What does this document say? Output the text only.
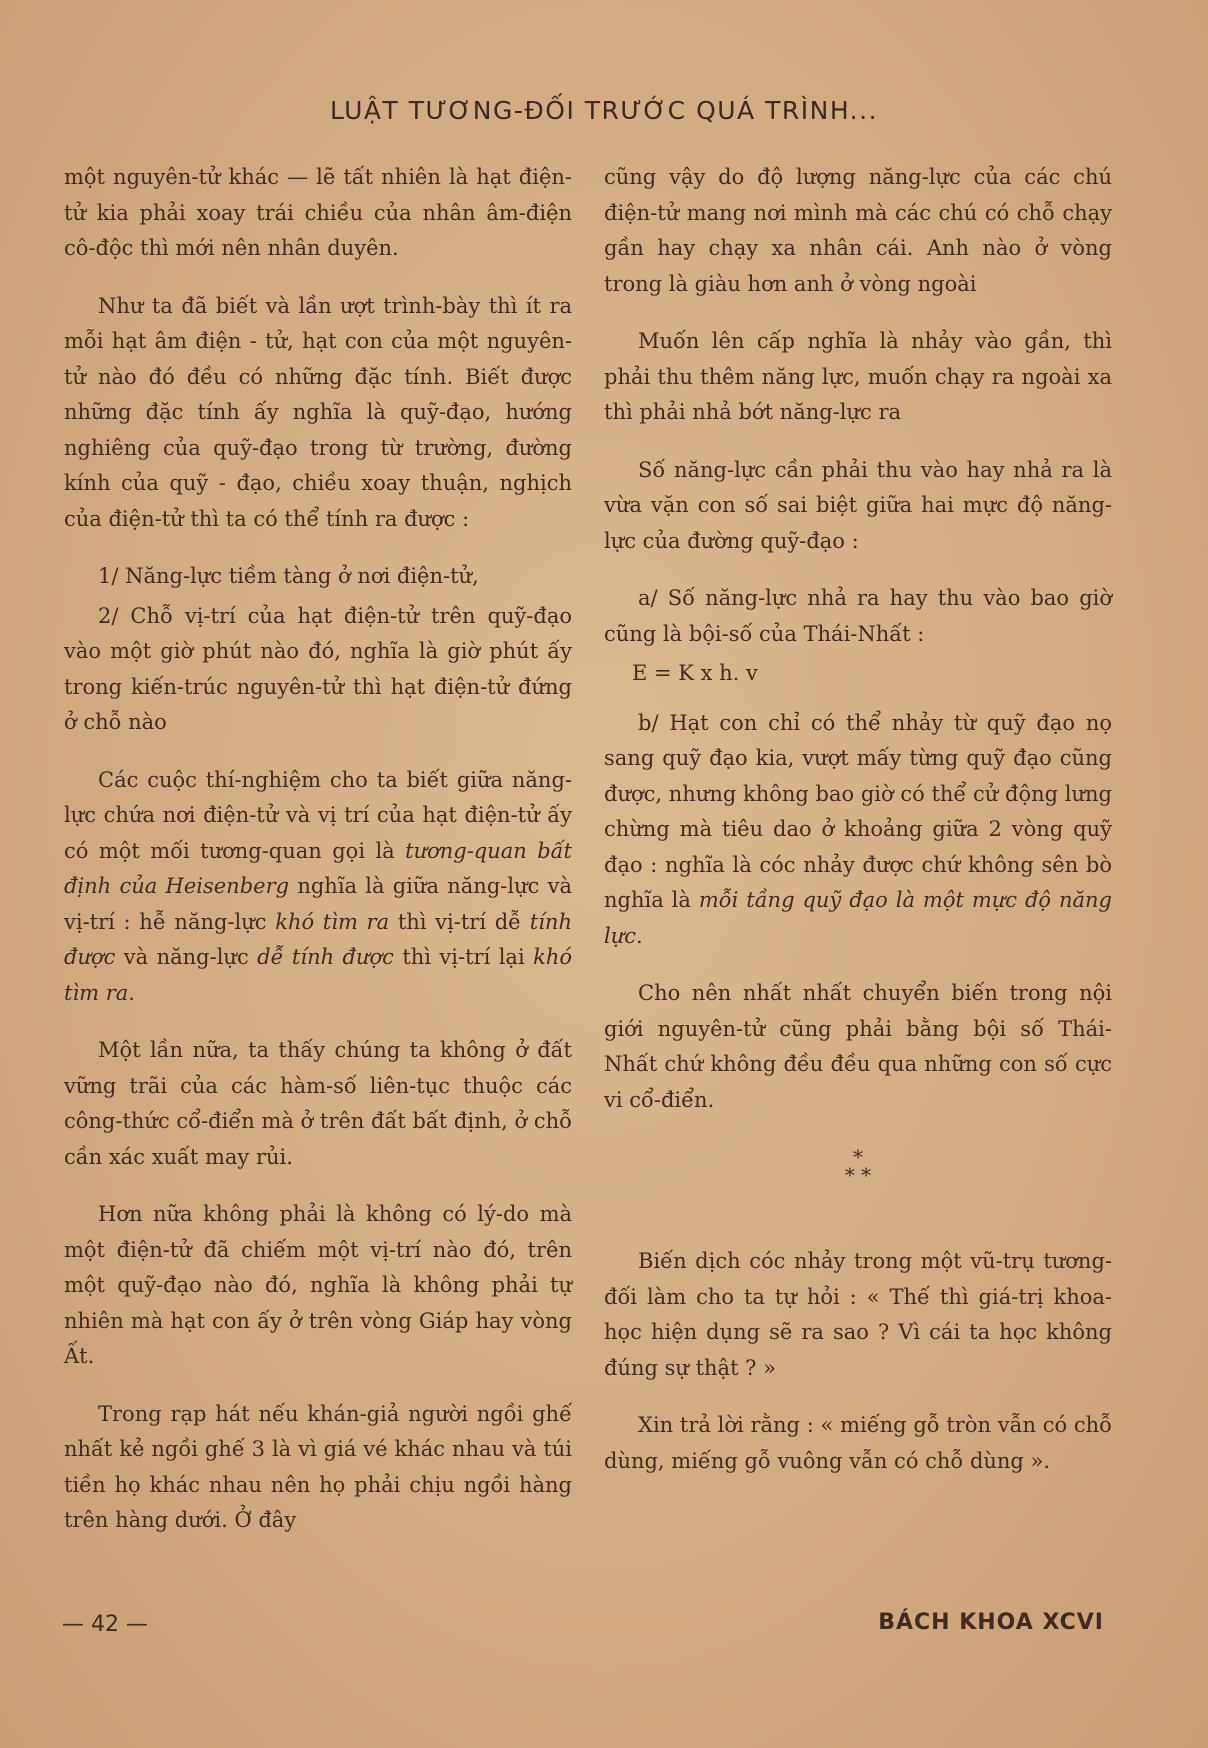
LUẬT TƯƠNG-ĐỐI TRƯỚC QUÁ TRÌNH...

một nguyên-tử khác — lẽ tất nhiên là hạt điện-tử kia phải xoay trái chiều của nhân âm-điện cô-độc thì mới nên nhân duyên.

Như ta đã biết và lần ượt trình-bày thì ít ra mỗi hạt âm điện - tử, hạt con của một nguyên-tử nào đó đều có những đặc tính. Biết được những đặc tính ấy nghĩa là quỹ-đạo, hướng nghiêng của quỹ-đạo trong từ trường, đường kính của quỹ - đạo, chiều xoay thuận, nghịch của điện-tử thì ta có thể tính ra được :

1/ Năng-lực tiềm tàng ở nơi điện-tử,

2/ Chỗ vị-trí của hạt điện-tử trên quỹ-đạo vào một giờ phút nào đó, nghĩa là giờ phút ấy trong kiến-trúc nguyên-tử thì hạt điện-tử đứng ở chỗ nào

Các cuộc thí-nghiệm cho ta biết giữa năng-lực chứa nơi điện-tử và vị trí của hạt điện-tử ấy có một mối tương-quan gọi là tương-quan bất định của Heisenberg nghĩa là giữa năng-lực và vị-trí : hễ năng-lực khó tìm ra thì vị-trí dễ tính được và năng-lực dễ tính được thì vị-trí lại khó tìm ra.

Một lần nữa, ta thấy chúng ta không ở đất vững trãi của các hàm-số liên-tục thuộc các công-thức cổ-điển mà ở trên đất bất định, ở chỗ cần xác xuất may rủi.

Hơn nữa không phải là không có lý-do mà một điện-tử đã chiếm một vị-trí nào đó, trên một quỹ-đạo nào đó, nghĩa là không phải tự nhiên mà hạt con ấy ở trên vòng Giáp hay vòng Ất.

Trong rạp hát nếu khán-giả người ngồi ghế nhất kẻ ngồi ghế 3 là vì giá vé khác nhau và túi tiền họ khác nhau nên họ phải chịu ngồi hàng trên hàng dưới. Ở đây

cũng vậy do độ lượng năng-lực của các chú điện-tử mang nơi mình mà các chú có chỗ chạy gần hay chạy xa nhân cái. Anh nào ở vòng trong là giàu hơn anh ở vòng ngoài

Muốn lên cấp nghĩa là nhảy vào gần, thì phải thu thêm năng lực, muốn chạy ra ngoài xa thì phải nhả bớt năng-lực ra

Số năng-lực cần phải thu vào hay nhả ra là vừa vặn con số sai biệt giữa hai mực độ năng-lực của đường quỹ-đạo :

a/ Số năng-lực nhả ra hay thu vào bao giờ cũng là bội-số của Thái-Nhất :

E = K x h. v

b/ Hạt con chỉ có thể nhảy từ quỹ đạo nọ sang quỹ đạo kia, vượt mấy từng quỹ đạo cũng được, nhưng không bao giờ có thể cử động lưng chừng mà tiêu dao ở khoảng giữa 2 vòng quỹ đạo : nghĩa là cóc nhảy được chứ không sên bò nghĩa là mỗi tầng quỹ đạo là một mực độ năng lực.

Cho nên nhất nhất chuyển biến trong nội giới nguyên-tử cũng phải bằng bội số Thái-Nhất chứ không đều đều qua những con số cực vi cổ-điển.

*
* *

Biến dịch cóc nhảy trong một vũ-trụ tương-đối làm cho ta tự hỏi : « Thế thì giá-trị khoa-học hiện dụng sẽ ra sao ? Vì cái ta học không đúng sự thật ? »

Xin trả lời rằng : « miếng gỗ tròn vẫn có chỗ dùng, miếng gỗ vuông vẫn có chỗ dùng ».

— 42 —	BÁCH KHOA XCVI
